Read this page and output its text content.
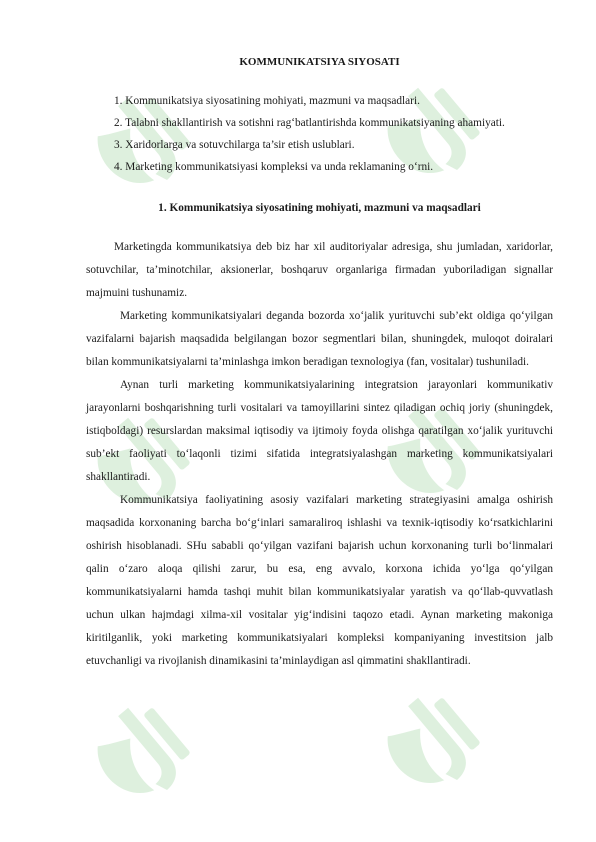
KOMMUNIKATSIYA SIYOSATI

1. Kommunikatsiya siyosatining mohiyati, mazmuni va maqsadlari.

2. Talabni shakllantirish va sotishni rag‘batlantirishda kommunikatsiyaning ahamiyati.

3. Xaridorlarga va sotuvchilarga ta’sir etish uslublari.

4. Marketing kommunikatsiyasi kompleksi va unda reklamaning o‘rni.

1. Kommunikatsiya siyosatining mohiyati, mazmuni va maqsadlari

Marketingda kommunikatsiya deb biz har xil auditoriyalar adresiga, shu jumladan, xaridorlar, sotuvchilar, ta’minotchilar, aksionerlar, boshqaruv organlariga firmadan yuboriladigan signallar majmuini tushunamiz.

Marketing kommunikatsiyalari deganda bozorda xo‘jalik yurituvchi sub’ekt oldiga qo‘yilgan vazifalarni bajarish maqsadida belgilangan bozor segmentlari bilan, shuningdek, muloqot doiralari bilan kommunikatsiyalarni ta’minlashga imkon beradigan texnologiya (fan, vositalar) tushuniladi.

Aynan turli marketing kommunikatsiyalarining integratsion jarayonlari kommunikativ jarayonlarni boshqarishning turli vositalari va tamoyillarini sintez qiladigan ochiq joriy (shuningdek, istiqboldagi) resurslardan maksimal iqtisodiy va ijtimoiy foyda olishga qaratilgan xo‘jalik yurituvchi sub’ekt faoliyati to‘laqonli tizimi sifatida integratsiyalashgan marketing kommunikatsiyalari shakllantiradi.

Kommunikatsiya faoliyatining asosiy vazifalari marketing strategiyasini amalga oshirish maqsadida korxonaning barcha bo‘g‘inlari samaraliroq ishlashi va texnik-iqtisodiy ko‘rsatkichlarini oshirish hisoblanadi. SHu sababli qo‘yilgan vazifani bajarish uchun korxonaning turli bo‘linmalari qalin o‘zaro aloqa qilishi zarur, bu esa, eng avvalo, korxona ichida yo‘lga qo‘yilgan kommunikatsiyalarni hamda tashqi muhit bilan kommunikatsiyalar yaratish va qo‘llab-quvvatlash uchun ulkan hajmdagi xilma-xil vositalar yig‘indisini taqozo etadi. Aynan marketing makoniga kiritilganlik, yoki marketing kommunikatsiyalari kompleksi kompaniyaning investitsion jalb etuvchanligi va rivojlanish dinamikasini ta’minlaydigan asl qimmatini shakllantiradi.
